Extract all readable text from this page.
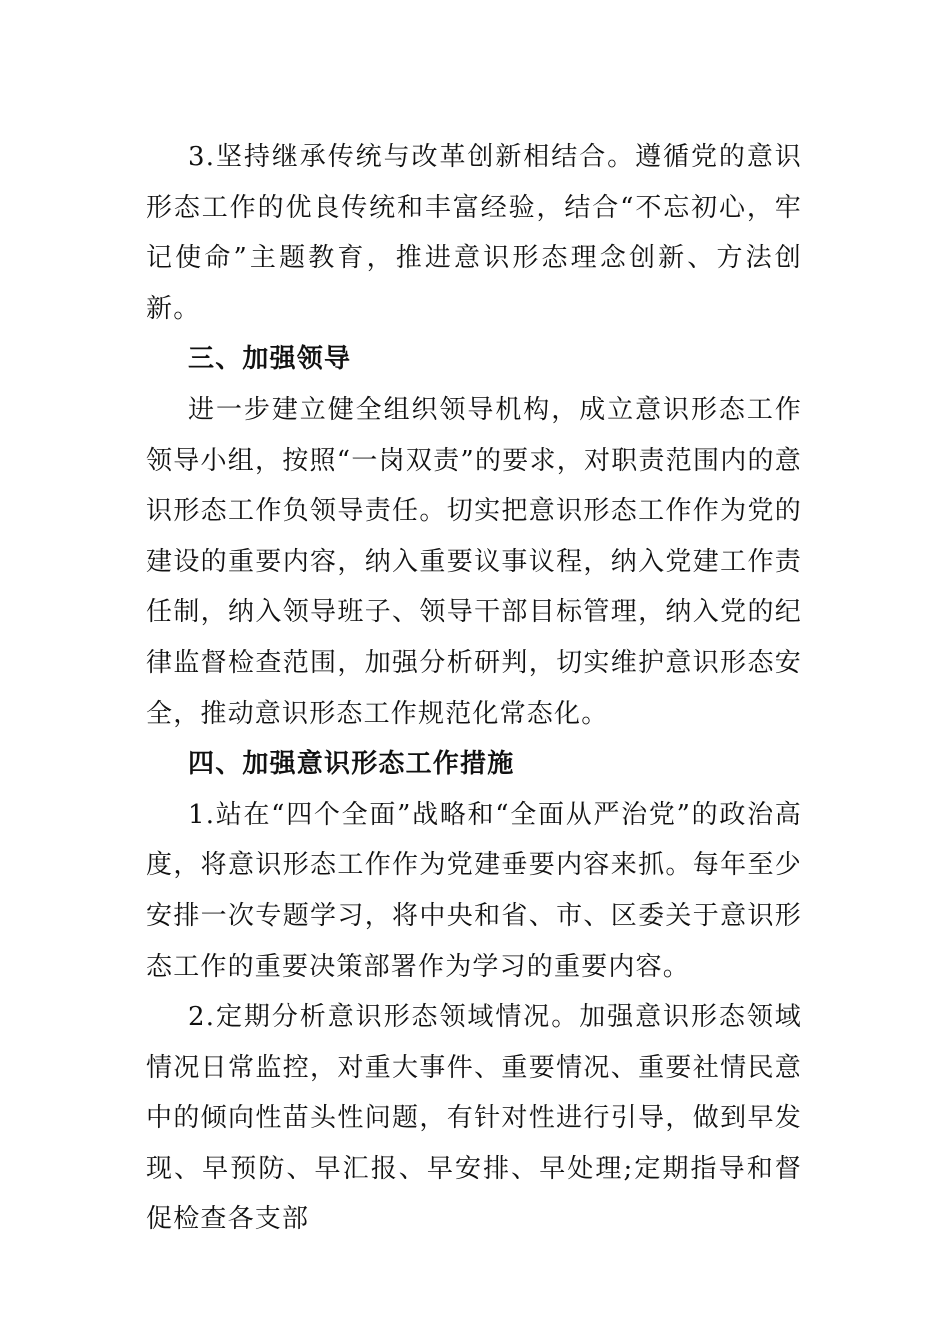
3.坚持继承传统与改革创新相结合。遵循党的意识形态工作的优良传统和丰富经验，结合“不忘初心，牢记使命”主题教育，推进意识形态理念创新、方法创新。

三、加强领导

进一步建立健全组织领导机构，成立意识形态工作领导小组，按照“一岗双责”的要求，对职责范围内的意识形态工作负领导责任。切实把意识形态工作作为党的建设的重要内容，纳入重要议事议程，纳入党建工作责任制，纳入领导班子、领导干部目标管理，纳入党的纪律监督检查范围，加强分析研判，切实维护意识形态安全，推动意识形态工作规范化常态化。

四、加强意识形态工作措施

1.站在“四个全面”战略和“全面从严治党”的政治高度，将意识形态工作作为党建垂要内容来抓。每年至少安排一次专题学习，将中央和省、市、区委关于意识形态工作的重要决策部署作为学习的重要内容。

2.定期分析意识形态领域情况。加强意识形态领域情况日常监控，对重大事件、重要情况、重要社情民意中的倾向性苗头性问题，有针对性进行引导，做到早发现、早预防、早汇报、早安排、早处理;定期指导和督促检查各支部
